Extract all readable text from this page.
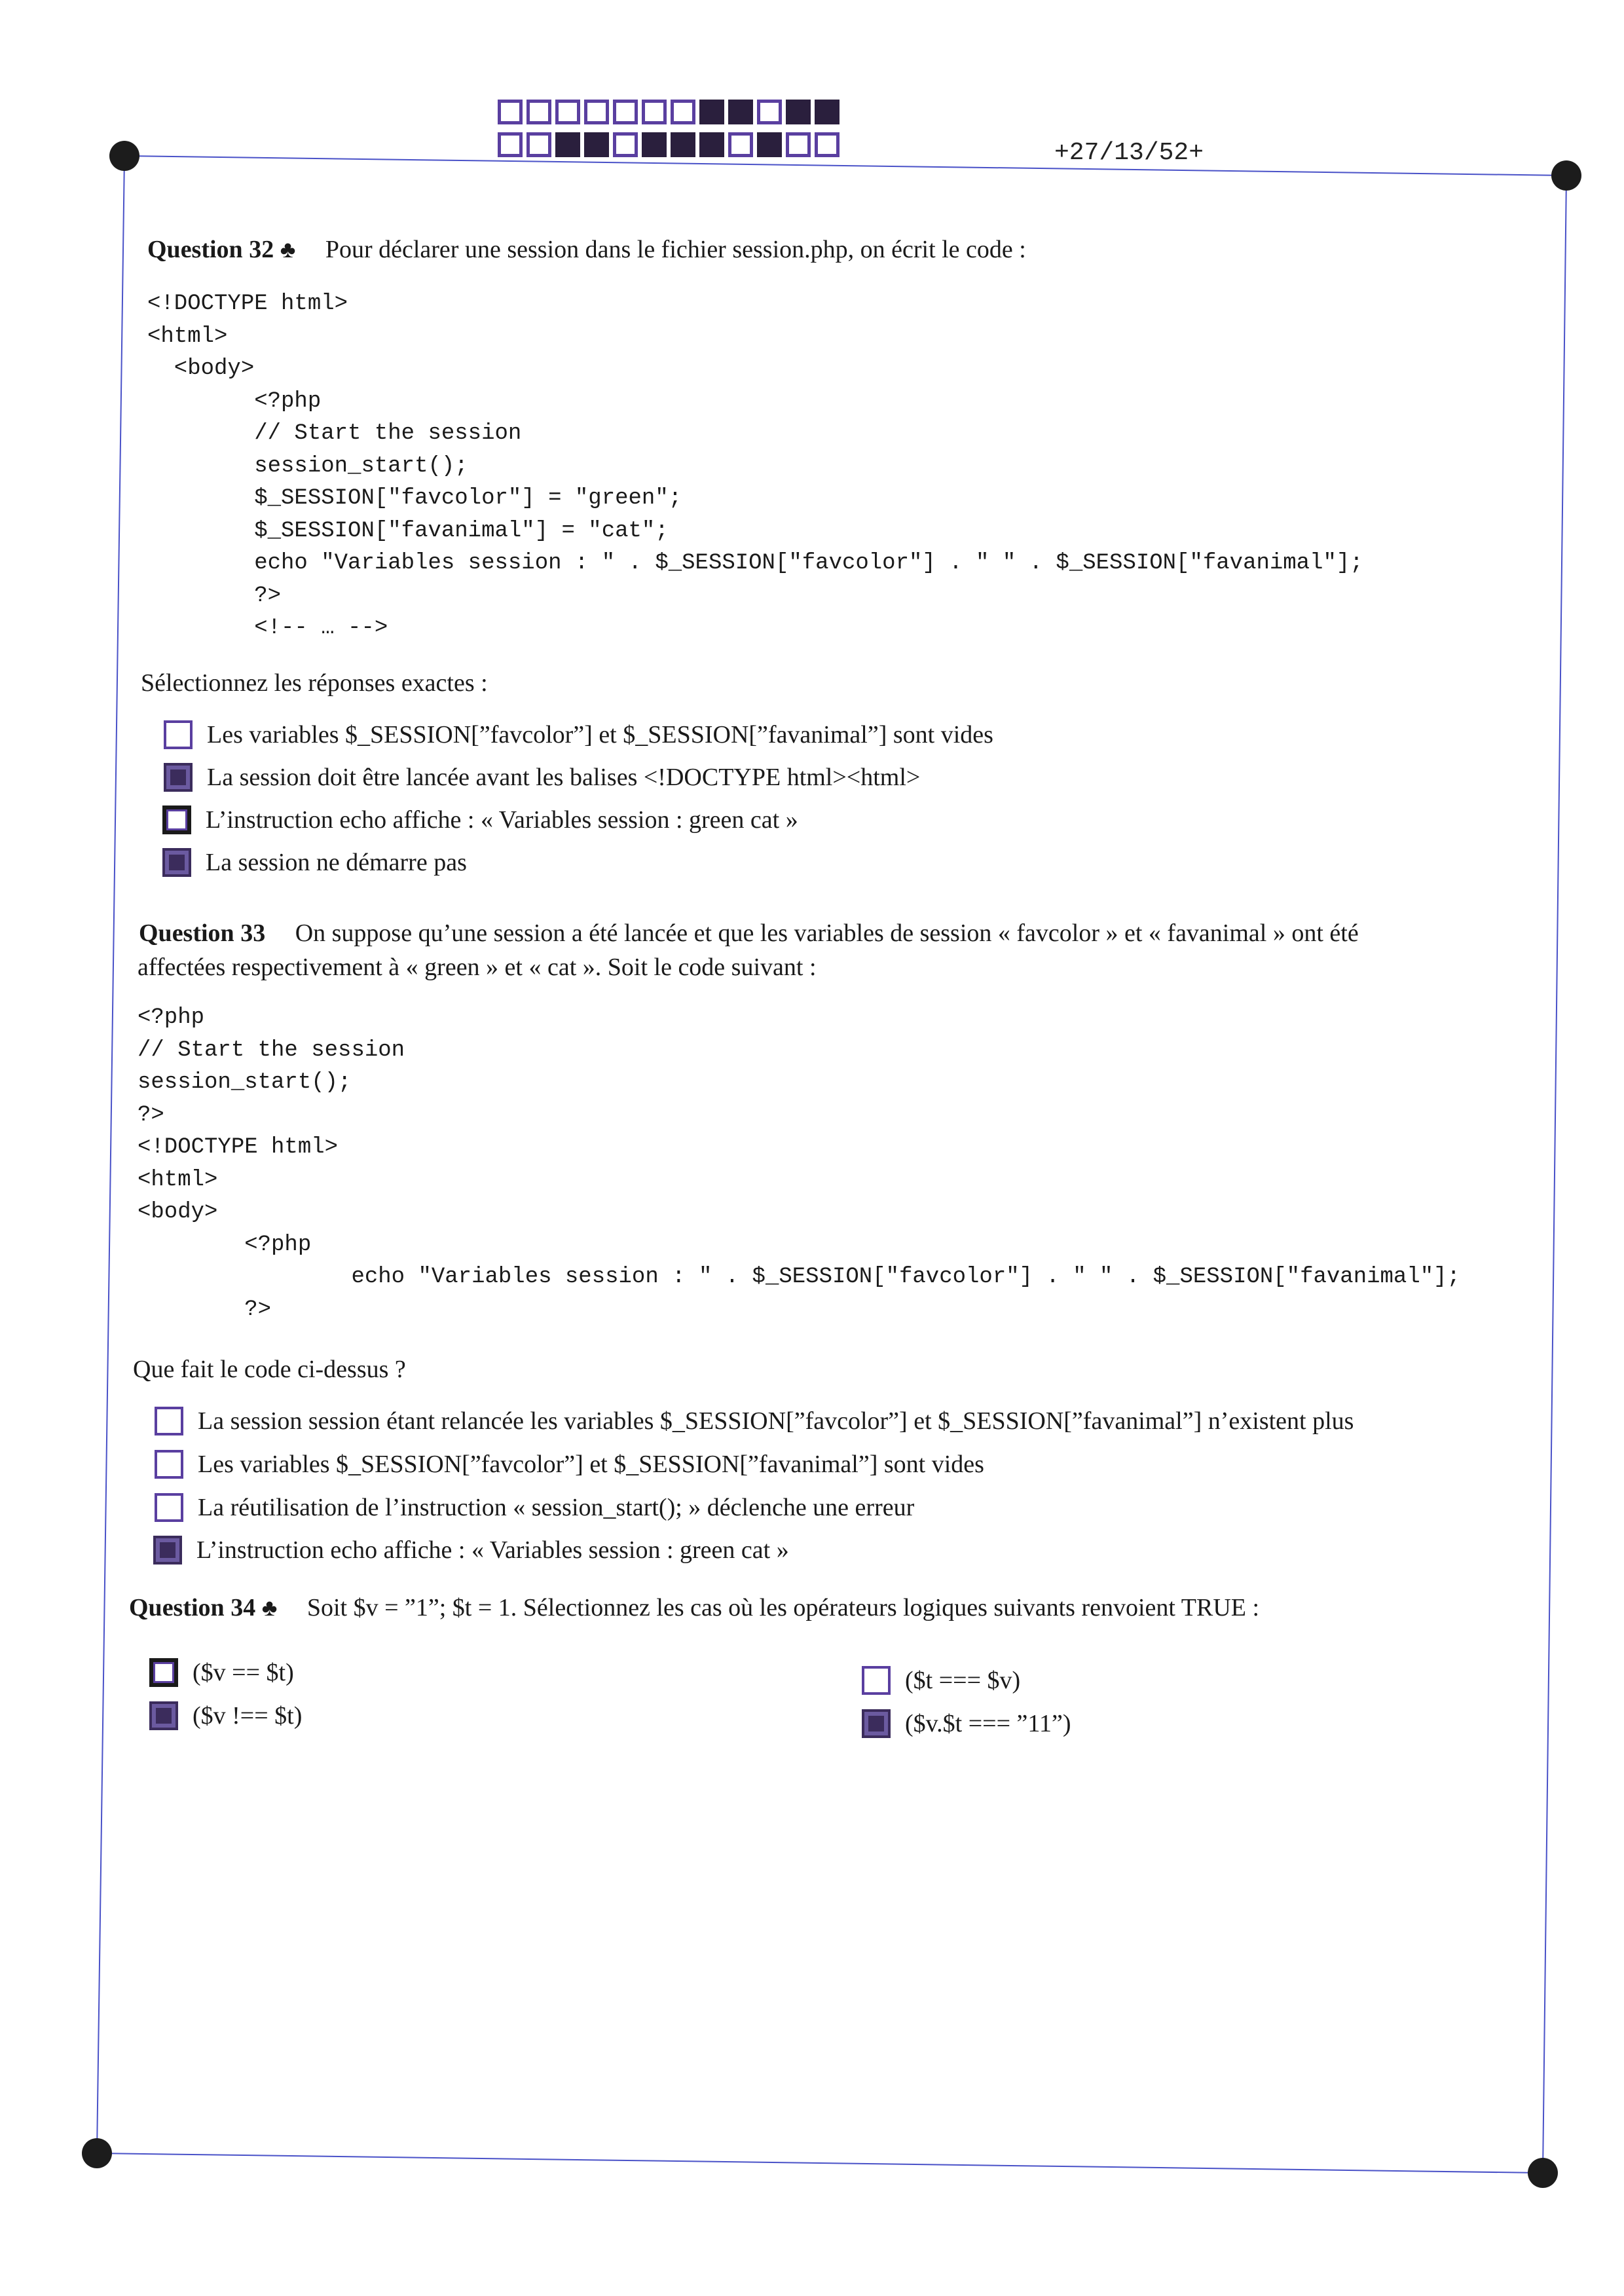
+27/13/52+
Question 32 ♣ Pour déclarer une session dans le fichier session.php, on écrit le code :
<!DOCTYPE html>
<html>
<body>
<?php
// Start the session
session_start();
$_SESSION["favcolor"] = "green";
$_SESSION["favanimal"] = "cat";
echo "Variables session : " . $_SESSION["favcolor"] . " " . $_SESSION["favanimal"];
?>
<!-- … -->
Sélectionnez les réponses exactes :
Les variables $_SESSION[”favcolor”] et $_SESSION[”favanimal”] sont vides
La session doit être lancée avant les balises <!DOCTYPE html><html>
L’instruction echo affiche : « Variables session : green cat »
La session ne démarre pas
Question 33 On suppose qu’une session a été lancée et que les variables de session « favcolor » et « favanimal » ont été
affectées respectivement à « green » et « cat ». Soit le code suivant :
<?php
// Start the session
session_start();
?>
<!DOCTYPE html>
<html>
<body>
<?php
echo "Variables session : " . $_SESSION["favcolor"] . " " . $_SESSION["favanimal"];
?>
Que fait le code ci-dessus ?
La session session étant relancée les variables $_SESSION[”favcolor”] et $_SESSION[”favanimal”] n’existent plus
Les variables $_SESSION[”favcolor”] et $_SESSION[”favanimal”] sont vides
La réutilisation de l’instruction « session_start(); » déclenche une erreur
L’instruction echo affiche : « Variables session : green cat »
Question 34 ♣ Soit $v = ”1”; $t = 1. Sélectionnez les cas où les opérateurs logiques suivants renvoient TRUE :
($v == $t)
($v !== $t)
($t === $v)
($v.$t === ”11”)
